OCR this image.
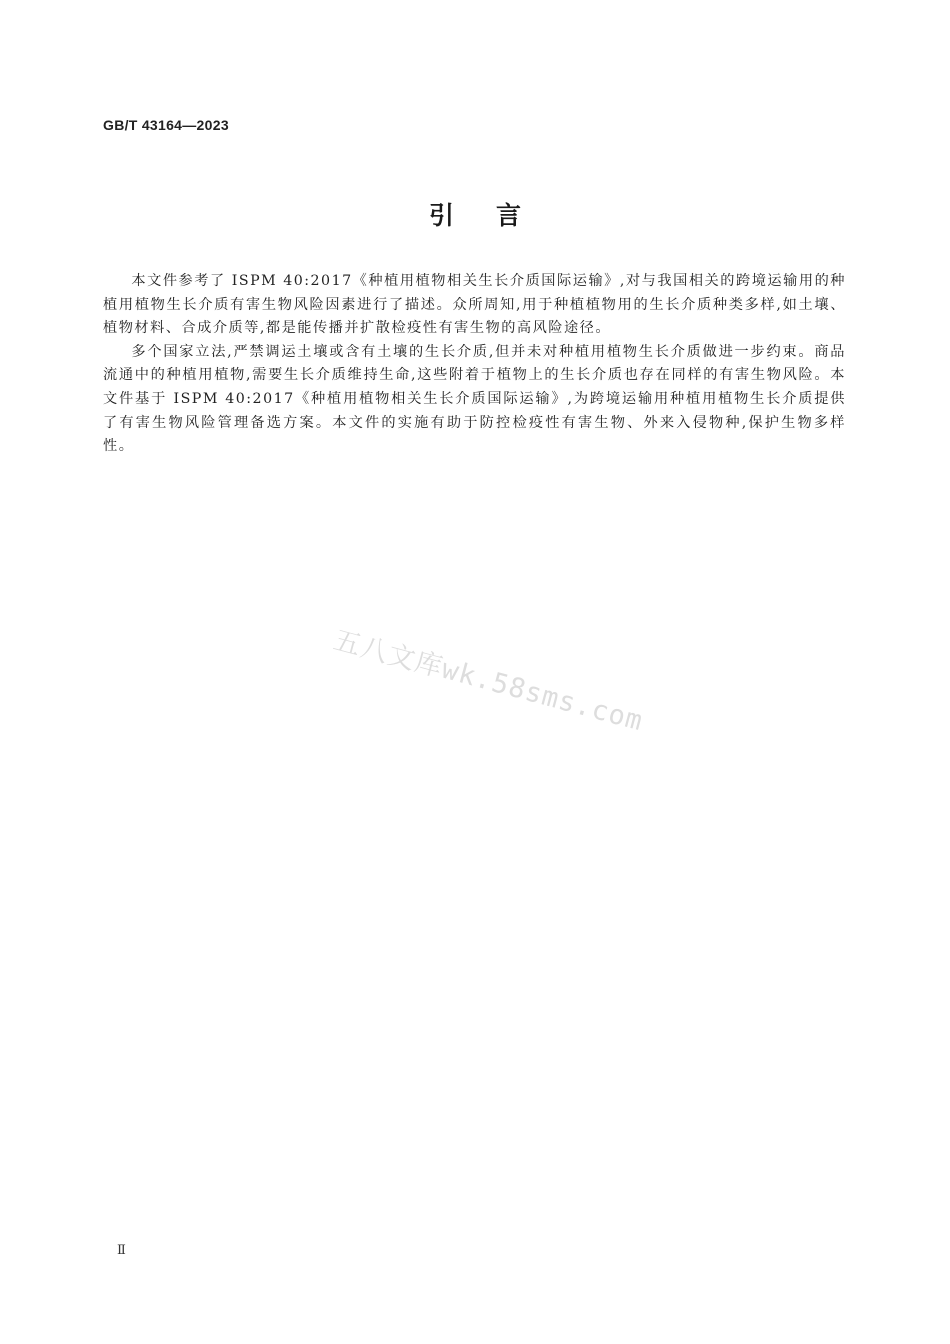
GB/T 43164—2023
引言

本文件参考了 ISPM 40:2017《种植用植物相关生长介质国际运输》,对与我国相关的跨境运输用的种植用植物生长介质有害生物风险因素进行了描述。众所周知,用于种植植物用的生长介质种类多样,如土壤、植物材料、合成介质等,都是能传播并扩散检疫性有害生物的高风险途径。

多个国家立法,严禁调运土壤或含有土壤的生长介质,但并未对种植用植物生长介质做进一步约束。商品流通中的种植用植物,需要生长介质维持生命,这些附着于植物上的生长介质也存在同样的有害生物风险。本文件基于 ISPM 40:2017《种植用植物相关生长介质国际运输》,为跨境运输用种植用植物生长介质提供了有害生物风险管理备选方案。本文件的实施有助于防控检疫性有害生物、外来入侵物种,保护生物多样性。

五八文库wk.58sms.com
Ⅱ
